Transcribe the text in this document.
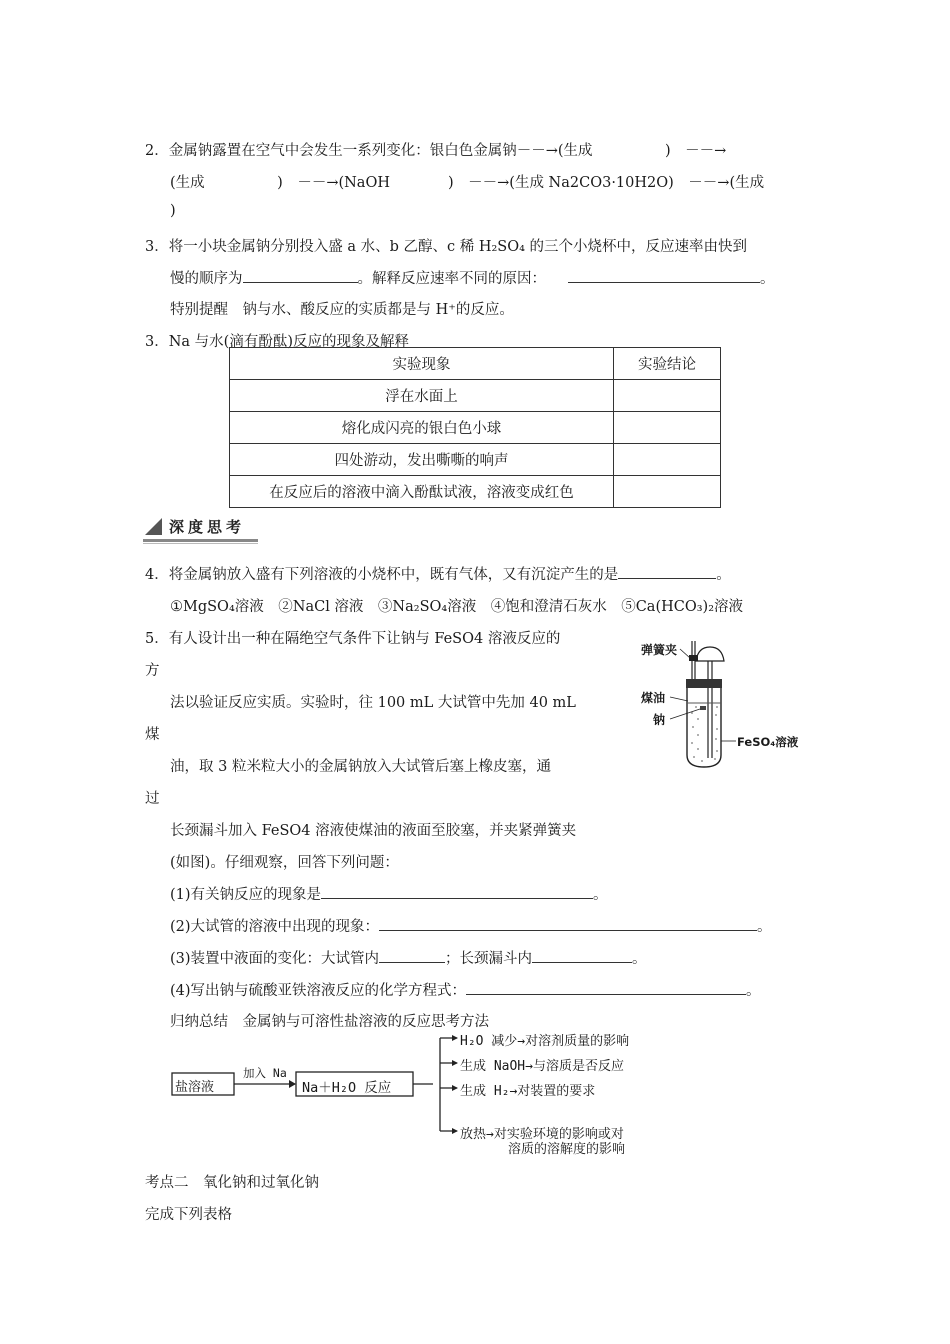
2．金属钠露置在空气中会发生一系列变化：银白色金属钠－－→(生成　　　　　)　－－→
(生成　　　　　)　－－→(NaOH　　　　)　－－→(生成 Na2CO3·10H2O)　－－→(生成
)
3．将一小块金属钠分别投入盛 a 水、b 乙醇、c 稀 H₂SO₄ 的三个小烧杯中，反应速率由快到
慢的顺序为	。解释反应速率不同的原因：	。
特别提醒　钠与水、酸反应的实质都是与 H⁺的反应。
3．Na 与水(滴有酚酞)反应的现象及解释
实验现象	实验结论
浮在水面上	
熔化成闪亮的银白色小球	
四处游动，发出嘶嘶的响声	
在反应后的溶液中滴入酚酞试液，溶液变成红色	
深度思考
4．将金属钠放入盛有下列溶液的小烧杯中，既有气体，又有沉淀产生的是	。
①MgSO₄溶液　②NaCl 溶液　③Na₂SO₄溶液　④饱和澄清石灰水　⑤Ca(HCO₃)₂溶液
5．有人设计出一种在隔绝空气条件下让钠与 FeSO4 溶液反应的
方
法以验证反应实质。实验时，往 100 mL 大试管中先加 40 mL
煤
油，取 3 粒米粒大小的金属钠放入大试管后塞上橡皮塞，通
过
长颈漏斗加入 FeSO4 溶液使煤油的液面至胶塞，并夹紧弹簧夹
(如图)。仔细观察，回答下列问题：
(1)有关钠反应的现象是	。
(2)大试管的溶液中出现的现象：	。
(3)装置中液面的变化：大试管内	；长颈漏斗内	。
(4)写出钠与硫酸亚铁溶液反应的化学方程式：	。
弹簧夹
煤油
钠
FeSO₄溶液
归纳总结　金属钠与可溶性盐溶液的反应思考方法
盐溶液
加入 Na
Na＋H₂O 反应
H₂O 减少→对溶剂质量的影响
生成 NaOH→与溶质是否反应
生成 H₂→对装置的要求
放热→对实验环境的影响或对
溶质的溶解度的影响
考点二　氧化钠和过氧化钠
完成下列表格
